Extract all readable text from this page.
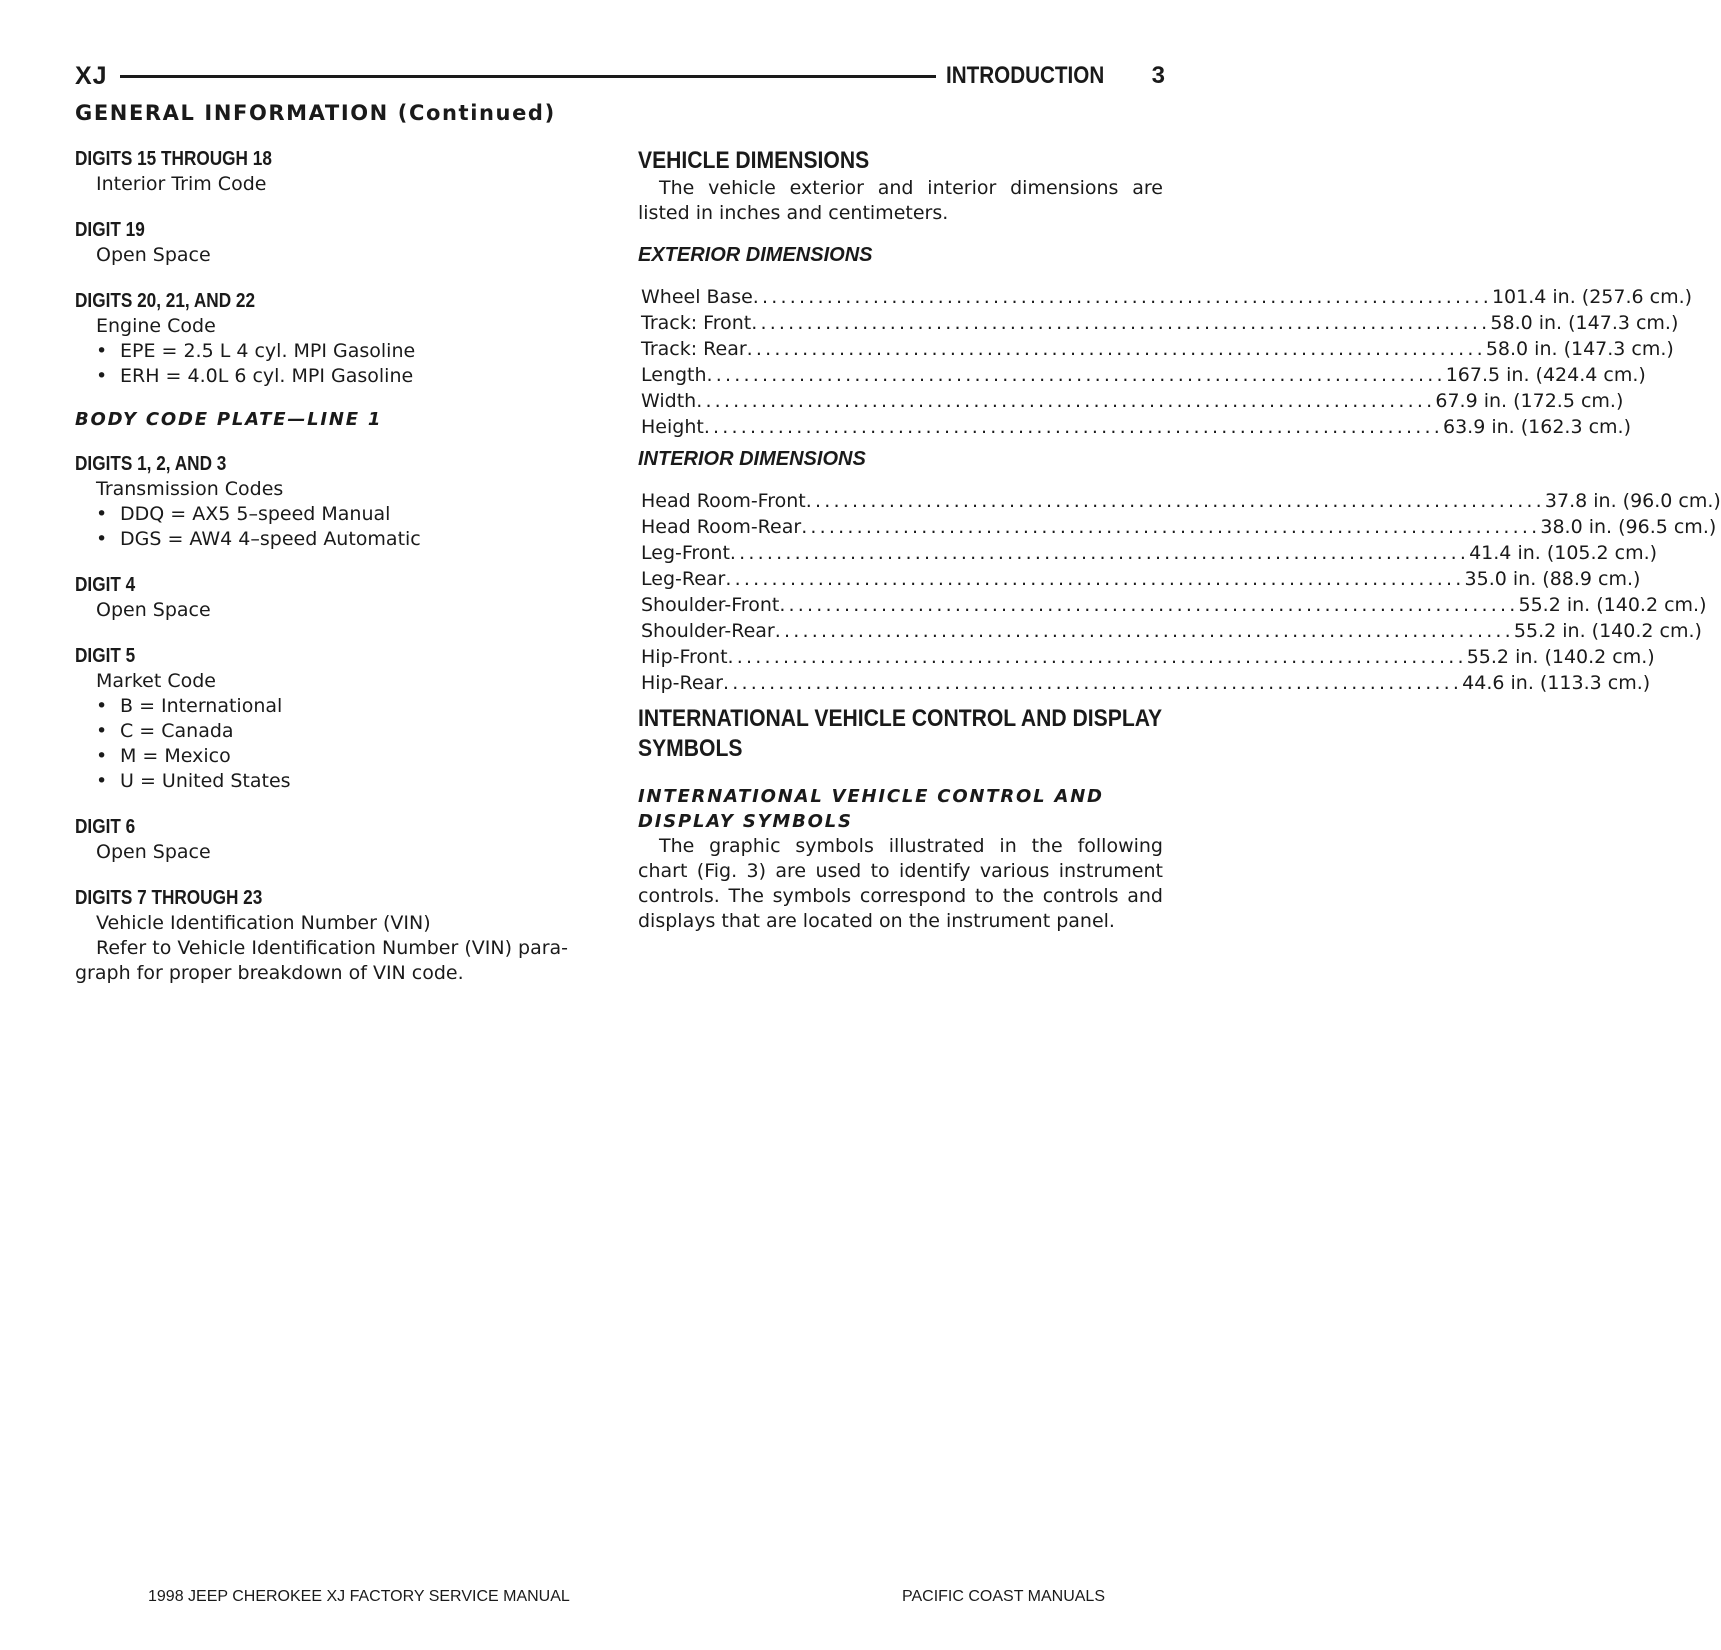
XJ	INTRODUCTION 3
GENERAL INFORMATION (Continued)
DIGITS 15 THROUGH 18
Interior Trim Code
DIGIT 19
Open Space
DIGITS 20, 21, AND 22
Engine Code
• EPE = 2.5 L 4 cyl. MPI Gasoline
• ERH = 4.0L 6 cyl. MPI Gasoline
BODY CODE PLATE—LINE 1
DIGITS 1, 2, AND 3
Transmission Codes
• DDQ = AX5 5–speed Manual
• DGS = AW4 4–speed Automatic
DIGIT 4
Open Space
DIGIT 5
Market Code
• B = International
• C = Canada
• M = Mexico
• U = United States
DIGIT 6
Open Space
DIGITS 7 THROUGH 23
Vehicle Identification Number (VIN)
Refer to Vehicle Identification Number (VIN) para-
graph for proper breakdown of VIN code.
VEHICLE DIMENSIONS
The vehicle exterior and interior dimensions are listed in inches and centimeters.
EXTERIOR DIMENSIONS
Wheel Base ................................................................................ 101.4 in. (257.6 cm.)
Track: Front ................................................................................ 58.0 in. (147.3 cm.)
Track: Rear ................................................................................ 58.0 in. (147.3 cm.)
Length ................................................................................ 167.5 in. (424.4 cm.)
Width ................................................................................ 67.9 in. (172.5 cm.)
Height ................................................................................ 63.9 in. (162.3 cm.)
INTERIOR DIMENSIONS
Head Room-Front ................................................................................ 37.8 in. (96.0 cm.)
Head Room-Rear ................................................................................ 38.0 in. (96.5 cm.)
Leg-Front ................................................................................ 41.4 in. (105.2 cm.)
Leg-Rear ................................................................................ 35.0 in. (88.9 cm.)
Shoulder-Front ................................................................................ 55.2 in. (140.2 cm.)
Shoulder-Rear ................................................................................ 55.2 in. (140.2 cm.)
Hip-Front ................................................................................ 55.2 in. (140.2 cm.)
Hip-Rear ................................................................................ 44.6 in. (113.3 cm.)
INTERNATIONAL VEHICLE CONTROL AND DISPLAY
SYMBOLS
INTERNATIONAL VEHICLE CONTROL AND
DISPLAY SYMBOLS
The graphic symbols illustrated in the following chart (Fig. 3) are used to identify various instrument controls. The symbols correspond to the controls and displays that are located on the instrument panel.
1998 JEEP CHEROKEE XJ FACTORY SERVICE MANUAL	PACIFIC COAST MANUALS
